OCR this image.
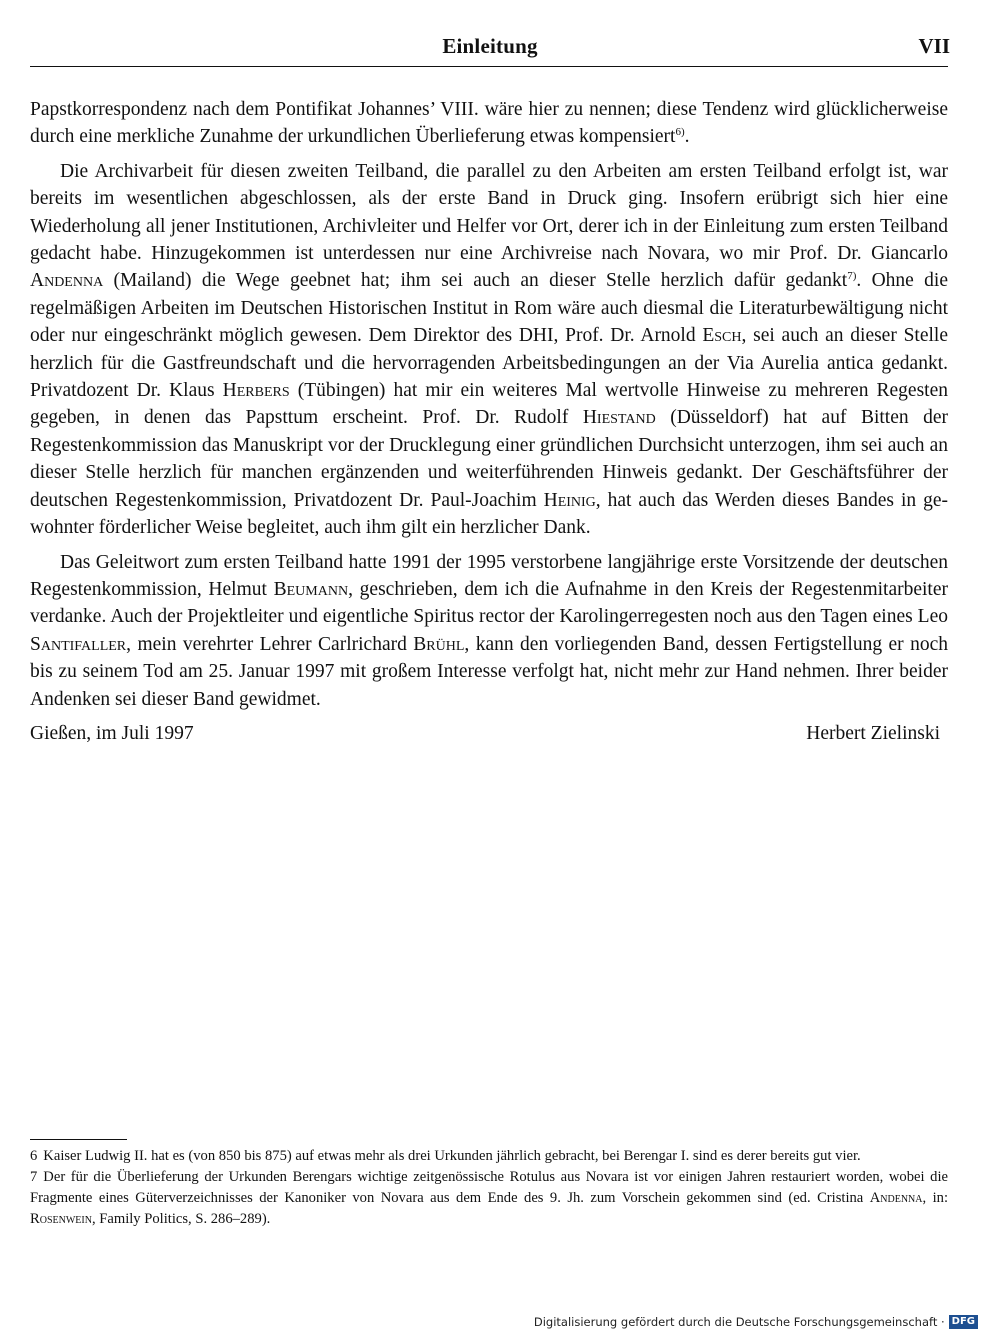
Einleitung	VII

Papstkorrespondenz nach dem Pontifikat Johannes’ VIII. wäre hier zu nennen; diese Tendenz wird glücklicherweise durch eine merkliche Zunahme der urkundlichen Überlieferung etwas kompensiert$^{6)}$.

Die Archivarbeit für diesen zweiten Teilband, die parallel zu den Arbeiten am ersten Teilband erfolgt ist, war bereits im wesentlichen abgeschlossen, als der erste Band in Druck ging. Insofern erübrigt sich hier eine Wiederholung all jener Institutionen, Archivleiter und Helfer vor Ort, derer ich in der Einleitung zum ersten Teilband gedacht habe. Hinzugekommen ist unterdessen nur eine Archivreise nach Novara, wo mir Prof. Dr. Giancarlo Andenna (Mailand) die Wege geebnet hat; ihm sei auch an dieser Stelle herzlich dafür gedankt$^{7)}$. Ohne die regelmäßigen Arbeiten im Deutschen Historischen Institut in Rom wäre auch diesmal die Literaturbewältigung nicht oder nur eingeschränkt möglich gewesen. Dem Direktor des DHI, Prof. Dr. Arnold Esch, sei auch an dieser Stelle herzlich für die Gastfreundschaft und die hervorragenden Arbeitsbedingungen an der Via Aurelia antica gedankt. Privatdozent Dr. Klaus Herbers (Tübingen) hat mir ein weiteres Mal wertvolle Hinweise zu mehreren Regesten gegeben, in denen das Papsttum erscheint. Prof. Dr. Rudolf Hiestand (Düsseldorf) hat auf Bitten der Regestenkommission das Manuskript vor der Drucklegung einer gründlichen Durchsicht unterzogen, ihm sei auch an dieser Stelle herzlich für manchen ergänzenden und weiterführenden Hinweis gedankt. Der Geschäftsführer der deutschen Regestenkommission, Privatdozent Dr. Paul-Joachim Heinig, hat auch das Werden dieses Bandes in gewohnter förderlicher Weise begleitet, auch ihm gilt ein herzlicher Dank.

Das Geleitwort zum ersten Teilband hatte 1991 der 1995 verstorbene langjährige erste Vorsitzende der deutschen Regestenkommission, Helmut Beumann, geschrieben, dem ich die Aufnahme in den Kreis der Regestenmitarbeiter verdanke. Auch der Projektleiter und eigentliche Spiritus rector der Karolingerregesten noch aus den Tagen eines Leo Santifaller, mein verehrter Lehrer Carlrichard Brühl, kann den vorliegenden Band, dessen Fertigstellung er noch bis zu seinem Tod am 25. Januar 1997 mit großem Interesse verfolgt hat, nicht mehr zur Hand nehmen. Ihrer beider Andenken sei dieser Band gewidmet.

Gießen, im Juli 1997	Herbert Zielinski

6 Kaiser Ludwig II. hat es (von 850 bis 875) auf etwas mehr als drei Urkunden jährlich gebracht, bei Berengar I. sind es derer bereits gut vier.

7 Der für die Überlieferung der Urkunden Berengars wichtige zeitgenössische Rotulus aus Novara ist vor einigen Jahren restauriert worden, wobei die Fragmente eines Güterverzeichnisses der Kanoniker von Novara aus dem Ende des 9. Jh. zum Vorschein gekommen sind (ed. Cristina Andenna, in: Rosenwein, Family Politics, S. 286–289).

Digitalisierung gefördert durch die Deutsche Forschungsgemeinschaft · DFG
